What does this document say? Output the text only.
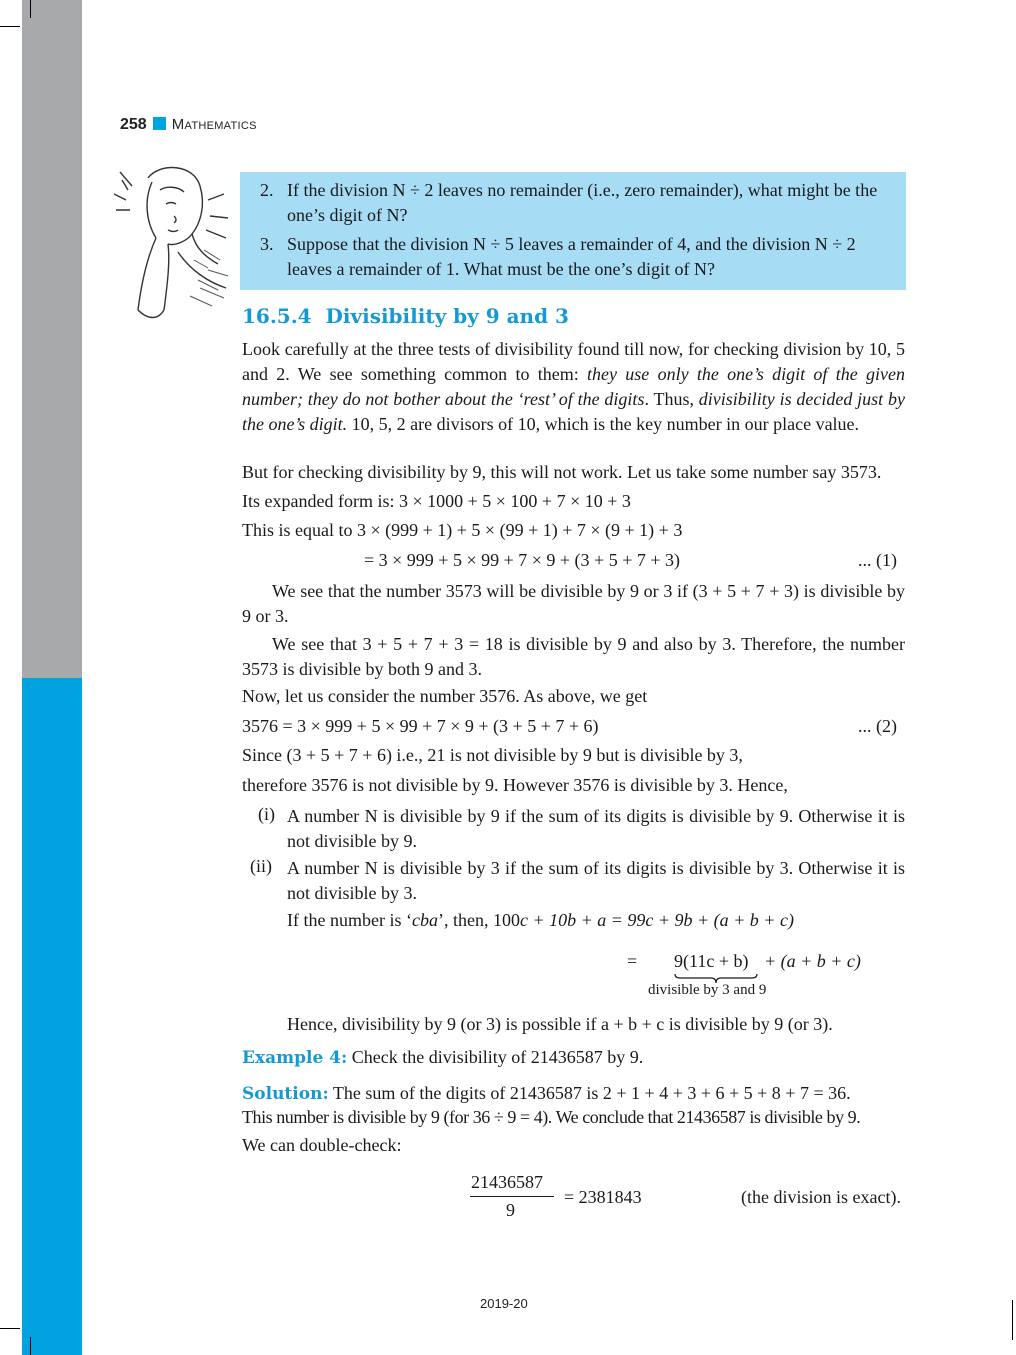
258 MATHEMATICS
2. If the division N ÷ 2 leaves no remainder (i.e., zero remainder), what might be the one’s digit of N?
3. Suppose that the division N ÷ 5 leaves a remainder of 4, and the division N ÷ 2 leaves a remainder of 1. What must be the one’s digit of N?
16.5.4 Divisibility by 9 and 3
Look carefully at the three tests of divisibility found till now, for checking division by 10, 5 and 2. We see something common to them: they use only the one’s digit of the given number; they do not bother about the ‘rest’ of the digits. Thus, divisibility is decided just by the one’s digit. 10, 5, 2 are divisors of 10, which is the key number in our place value.
But for checking divisibility by 9, this will not work. Let us take some number say 3573.
Its expanded form is: 3 × 1000 + 5 × 100 + 7 × 10 + 3
This is equal to 3 × (999 + 1) + 5 × (99 + 1) + 7 × (9 + 1) + 3
= 3 × 999 + 5 × 99 + 7 × 9 + (3 + 5 + 7 + 3)	... (1)
We see that the number 3573 will be divisible by 9 or 3 if (3 + 5 + 7 + 3) is divisible by 9 or 3.
We see that 3 + 5 + 7 + 3 = 18 is divisible by 9 and also by 3. Therefore, the number 3573 is divisible by both 9 and 3.
Now, let us consider the number 3576. As above, we get
3576 = 3 × 999 + 5 × 99 + 7 × 9 + (3 + 5 + 7 + 6)	... (2)
Since (3 + 5 + 7 + 6) i.e., 21 is not divisible by 9 but is divisible by 3,
therefore 3576 is not divisible by 9. However 3576 is divisible by 3. Hence,
(i) A number N is divisible by 9 if the sum of its digits is divisible by 9. Otherwise it is not divisible by 9.
(ii) A number N is divisible by 3 if the sum of its digits is divisible by 3. Otherwise it is not divisible by 3.
If the number is ‘cba’, then, 100c + 10b + a = 99c + 9b + (a + b + c)
= 9(11c + b) + (a + b + c)
divisible by 3 and 9
Hence, divisibility by 9 (or 3) is possible if a + b + c is divisible by 9 (or 3).
Example 4: Check the divisibility of 21436587 by 9.
Solution: The sum of the digits of 21436587 is 2 + 1 + 4 + 3 + 6 + 5 + 8 + 7 = 36.
This number is divisible by 9 (for 36 ÷ 9 = 4). We conclude that 21436587 is divisible by 9.
We can double-check:
21436587
9
= 2381843	(the division is exact).
2019-20
